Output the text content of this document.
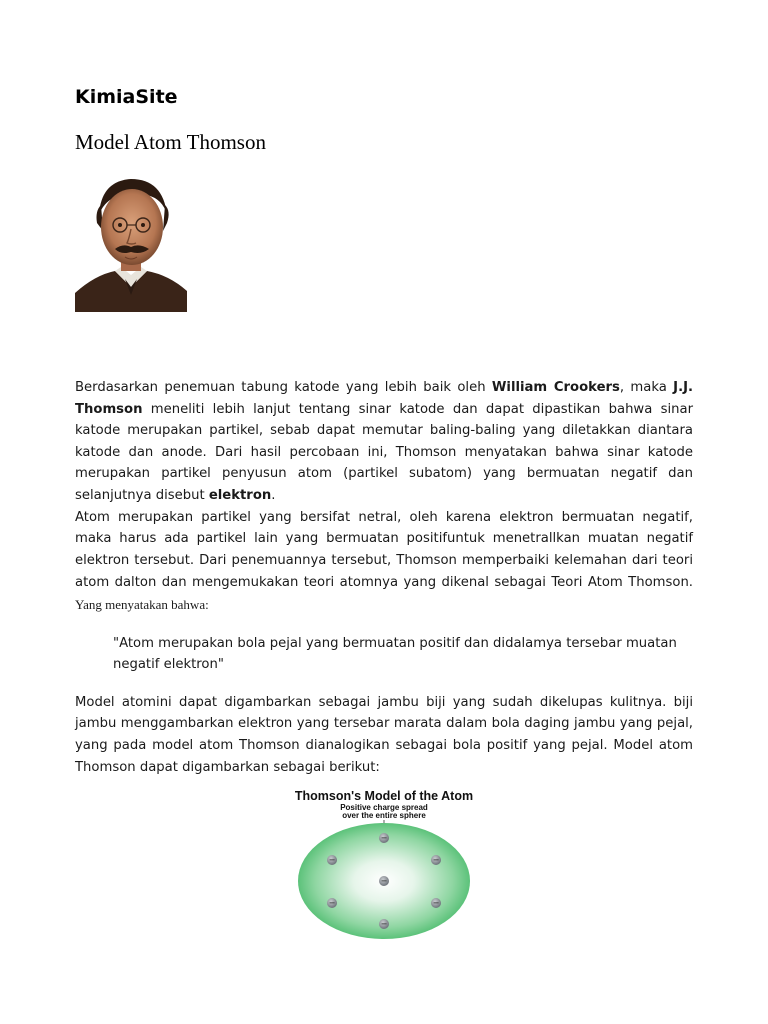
KimiaSite
Model Atom Thomson

Berdasarkan penemuan tabung katode yang lebih baik oleh William Crookers, maka J.J. Thomson meneliti lebih lanjut tentang sinar katode dan dapat dipastikan bahwa sinar katode merupakan partikel, sebab dapat memutar baling-baling yang diletakkan diantara katode dan anode. Dari hasil percobaan ini, Thomson menyatakan bahwa sinar katode merupakan partikel penyusun atom (partikel subatom) yang bermuatan negatif dan selanjutnya disebut elektron.

Atom merupakan partikel yang bersifat netral, oleh karena elektron bermuatan negatif, maka harus ada partikel lain yang bermuatan positifuntuk menetrallkan muatan negatif elektron tersebut. Dari penemuannya tersebut, Thomson memperbaiki kelemahan dari teori atom dalton dan mengemukakan teori atomnya yang dikenal sebagai Teori Atom Thomson. Yang menyatakan bahwa:

"Atom merupakan bola pejal yang bermuatan positif dan didalamya tersebar muatan negatif elektron"

Model atomini dapat digambarkan sebagai jambu biji yang sudah dikelupas kulitnya. biji jambu menggambarkan elektron yang tersebar marata dalam bola daging jambu yang pejal, yang pada model atom Thomson dianalogikan sebagai bola positif yang pejal. Model atom Thomson dapat digambarkan sebagai berikut:

Thomson's Model of the Atom
Positive charge spread
over the entire sphere
−
−	−
−
−	−
−
